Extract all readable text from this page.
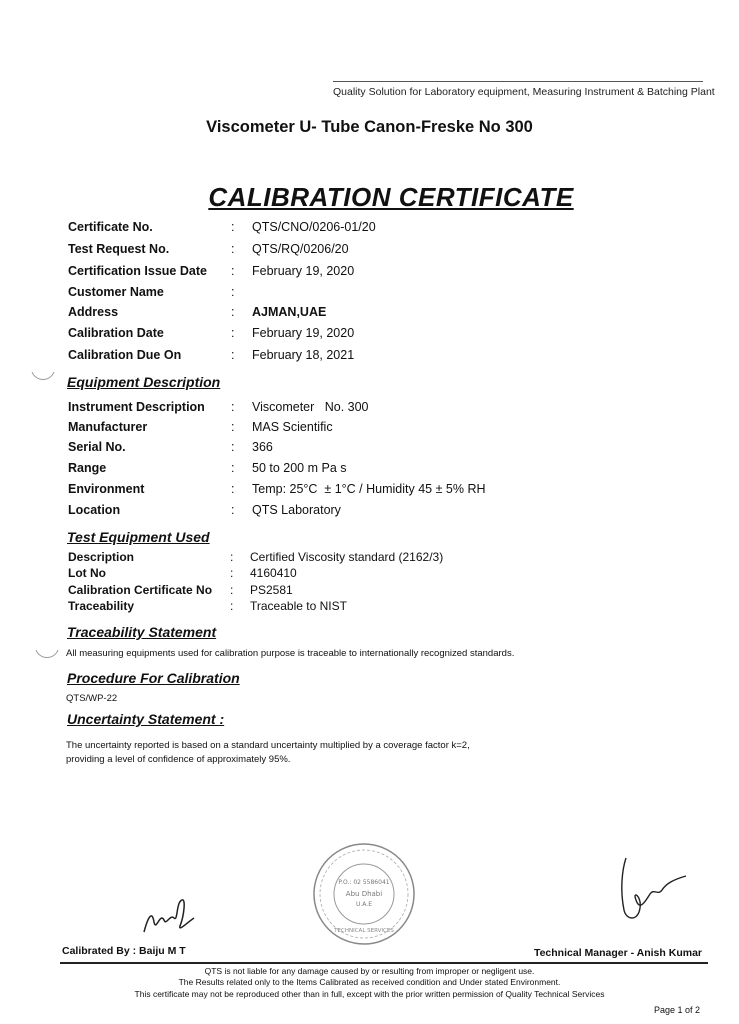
Quality Solution for Laboratory equipment, Measuring Instrument & Batching Plant
Viscometer U- Tube Canon-Freske No 300
CALIBRATION CERTIFICATE
Certificate No.	: QTS/CNO/0206-01/20
Test Request No.	: QTS/RQ/0206/20
Certification Issue Date : February 19, 2020
Customer Name	:
Address	: AJMAN,UAE
Calibration Date	: February 19, 2020
Calibration Due On	: February 18, 2021
Equipment Description
Instrument Description : Viscometer   No. 300
Manufacturer	: MAS Scientific
Serial No.	: 366
Range	: 50 to 200 m Pa s
Environment	: Temp: 25°C  ± 1°C / Humidity 45 ± 5% RH
Location	: QTS Laboratory
Test Equipment Used
Description	: Certified Viscosity standard (2162/3)
Lot No	: 4160410
Calibration Certificate No : PS2581
Traceability	: Traceable to NIST
Traceability Statement
All measuring equipments used for calibration purpose is traceable to internationally recognized standards.
Procedure For Calibration
QTS/WP-22
Uncertainty Statement :
The uncertainty reported is based on a standard uncertainty multiplied by a coverage factor k=2,
providing a level of confidence of approximately 95%.
P.O.: 02 5586041
Abu Dhabi
U.A.E
TECHNICAL SERVICES
Calibrated By : Baiju M T	Technical Manager - Anish Kumar
QTS is not liable for any damage caused by or resulting from improper or negligent use.
The Results related only to the Items Calibrated as received condition and Under stated Environment.
This certificate may not be reproduced other than in full, except with the prior written permission of Quality Technical Services
Page 1 of 2
